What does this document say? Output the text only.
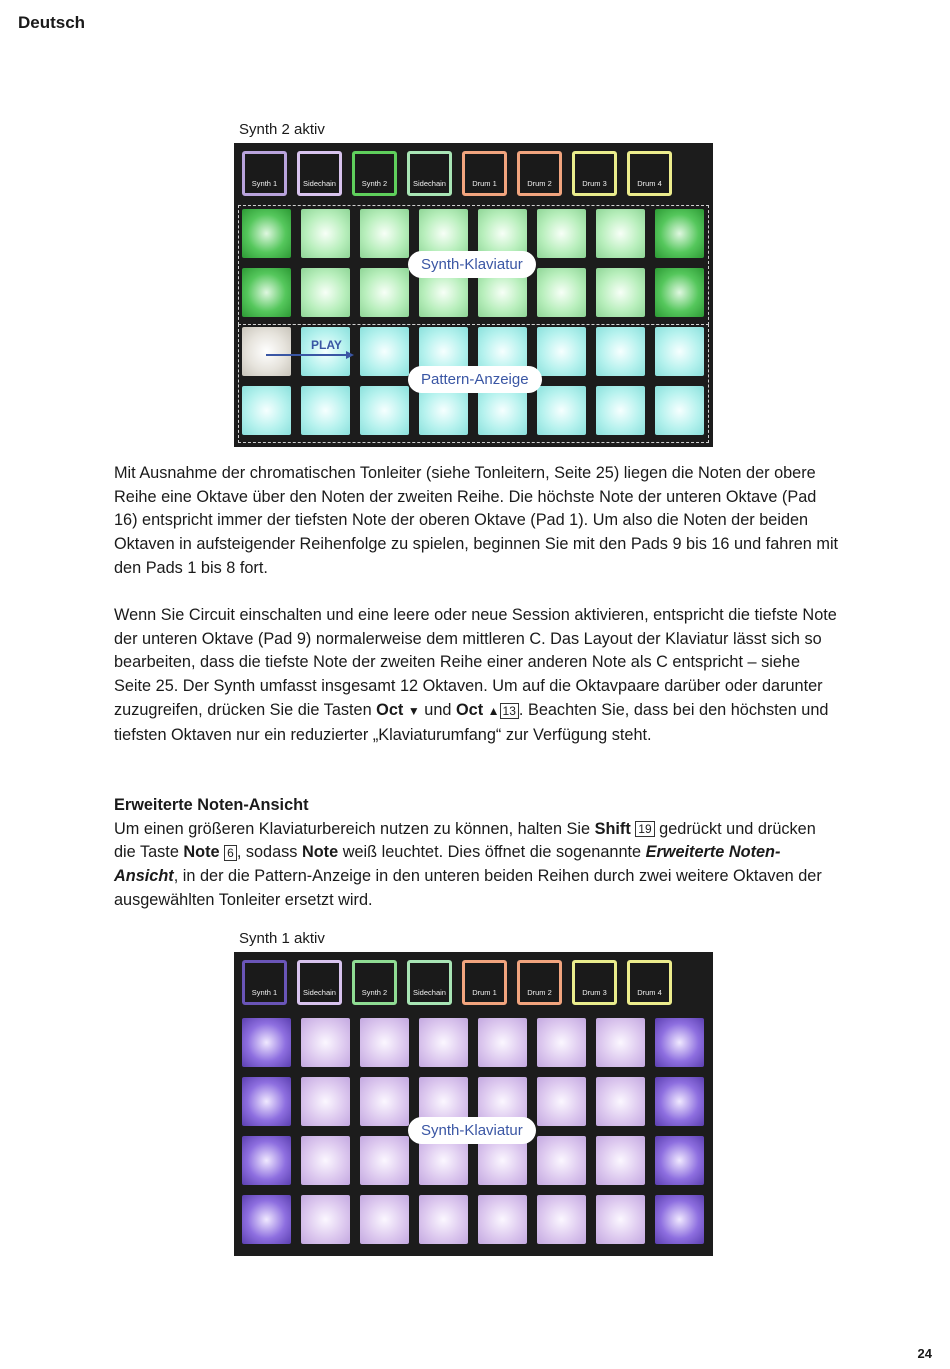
Deutsch
Synth 2 aktiv
Synth 1	Sidechain	Synth 2	Sidechain	Drum 1	Drum 2	Drum 3	Drum 4
Synth-Klaviatur
Pattern-Anzeige
PLAY

Mit Ausnahme der chromatischen Tonleiter (siehe Tonleitern, Seite 25) liegen die Noten der obere Reihe eine Oktave über den Noten der zweiten Reihe. Die höchste Note der unteren Oktave (Pad 16) entspricht immer der tiefsten Note der oberen Oktave (Pad 1). Um also die Noten der beiden Oktaven in aufsteigender Reihenfolge zu spielen, beginnen Sie mit den Pads 9 bis 16 und fahren mit den Pads 1 bis 8 fort.

Wenn Sie Circuit einschalten und eine leere oder neue Session aktivieren, entspricht die tiefste Note der unteren Oktave (Pad 9) normalerweise dem mittleren C. Das Layout der Klaviatur lässt sich so bearbeiten, dass die tiefste Note der zweiten Reihe einer anderen Note als C entspricht – siehe Seite 25. Der Synth umfasst insgesamt 12 Oktaven. Um auf die Oktavpaare darüber oder darunter zuzugreifen, drücken Sie die Tasten Oct ▼ und Oct ▲ 13 . Beachten Sie, dass bei den höchsten und tiefsten Oktaven nur ein reduzierter „Klaviaturumfang“ zur Verfügung steht.

Erweiterte Noten-Ansicht
Um einen größeren Klaviaturbereich nutzen zu können, halten Sie Shift 19 gedrückt und drücken die Taste Note 6 , sodass Note weiß leuchtet. Dies öffnet die sogenannte Erweiterte Noten-Ansicht, in der die Pattern-Anzeige in den unteren beiden Reihen durch zwei weitere Oktaven der ausgewählten Tonleiter ersetzt wird.

Synth 1 aktiv
Synth 1	Sidechain	Synth 2	Sidechain	Drum 1	Drum 2	Drum 3	Drum 4
Synth-Klaviatur
24
